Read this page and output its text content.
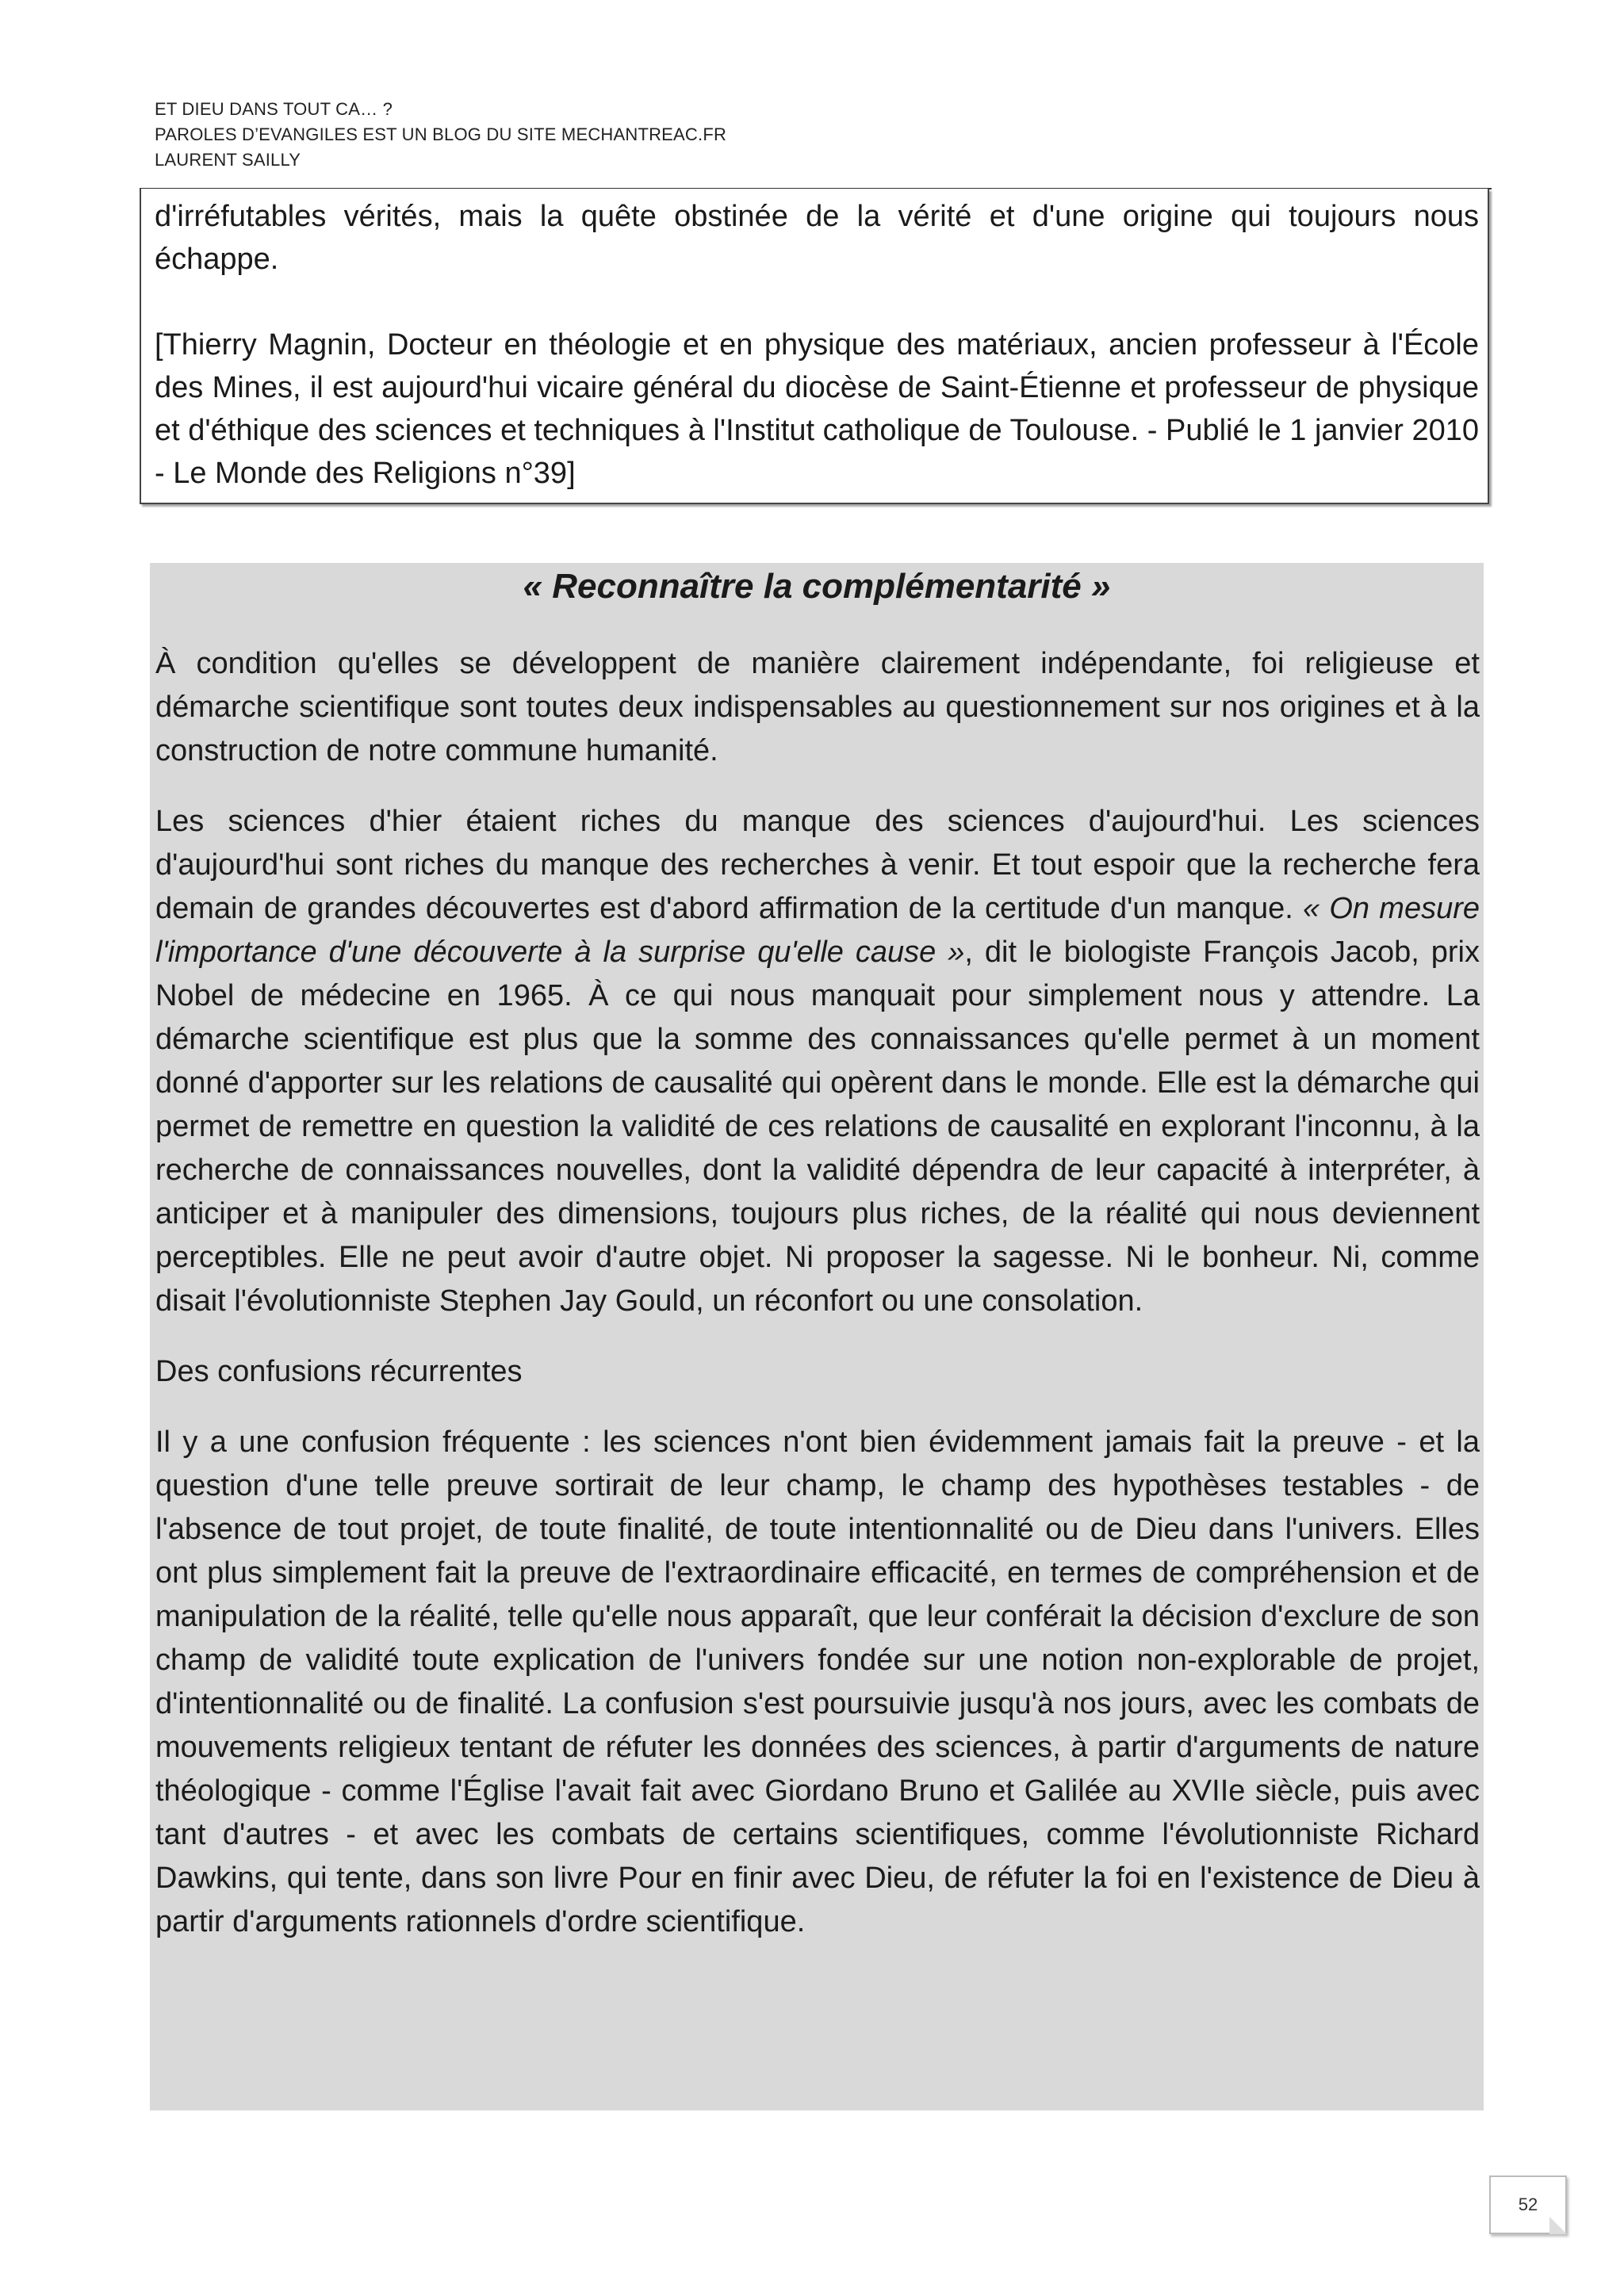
ET DIEU DANS TOUT CA… ?
PAROLES D’EVANGILES EST UN BLOG DU SITE MECHANTREAC.FR
LAURENT SAILLY

d'irréfutables vérités, mais la quête obstinée de la vérité et d'une origine qui toujours nous échappe.

[Thierry Magnin, Docteur en théologie et en physique des matériaux, ancien professeur à l'École des Mines, il est aujourd'hui vicaire général du diocèse de Saint-Étienne et professeur de physique et d'éthique des sciences et techniques à l'Institut catholique de Toulouse. - Publié le 1 janvier 2010 - Le Monde des Religions n°39]

« Reconnaître la complémentarité »

À condition qu'elles se développent de manière clairement indépendante, foi religieuse et démarche scientifique sont toutes deux indispensables au questionnement sur nos origines et à la construction de notre commune humanité.

Les sciences d'hier étaient riches du manque des sciences d'aujourd'hui. Les sciences d'aujourd'hui sont riches du manque des recherches à venir. Et tout espoir que la recherche fera demain de grandes découvertes est d'abord affirmation de la certitude d'un manque. « On mesure l'importance d'une découverte à la surprise qu'elle cause », dit le biologiste François Jacob, prix Nobel de médecine en 1965. À ce qui nous manquait pour simplement nous y attendre. La démarche scientifique est plus que la somme des connaissances qu'elle permet à un moment donné d'apporter sur les relations de causalité qui opèrent dans le monde. Elle est la démarche qui permet de remettre en question la validité de ces relations de causalité en explorant l'inconnu, à la recherche de connaissances nouvelles, dont la validité dépendra de leur capacité à interpréter, à anticiper et à manipuler des dimensions, toujours plus riches, de la réalité qui nous deviennent perceptibles. Elle ne peut avoir d'autre objet. Ni proposer la sagesse. Ni le bonheur. Ni, comme disait l'évolutionniste Stephen Jay Gould, un réconfort ou une consolation.

Des confusions récurrentes

Il y a une confusion fréquente : les sciences n'ont bien évidemment jamais fait la preuve - et la question d'une telle preuve sortirait de leur champ, le champ des hypothèses testables - de l'absence de tout projet, de toute finalité, de toute intentionnalité ou de Dieu dans l'univers. Elles ont plus simplement fait la preuve de l'extraordinaire efficacité, en termes de compréhension et de manipulation de la réalité, telle qu'elle nous apparaît, que leur conférait la décision d'exclure de son champ de validité toute explication de l'univers fondée sur une notion non-explorable de projet, d'intentionnalité ou de finalité. La confusion s'est poursuivie jusqu'à nos jours, avec les combats de mouvements religieux tentant de réfuter les données des sciences, à partir d'arguments de nature théologique - comme l'Église l'avait fait avec Giordano Bruno et Galilée au XVIIe siècle, puis avec tant d'autres - et avec les combats de certains scientifiques, comme l'évolutionniste Richard Dawkins, qui tente, dans son livre Pour en finir avec Dieu, de réfuter la foi en l'existence de Dieu à partir d'arguments rationnels d'ordre scientifique.

52
